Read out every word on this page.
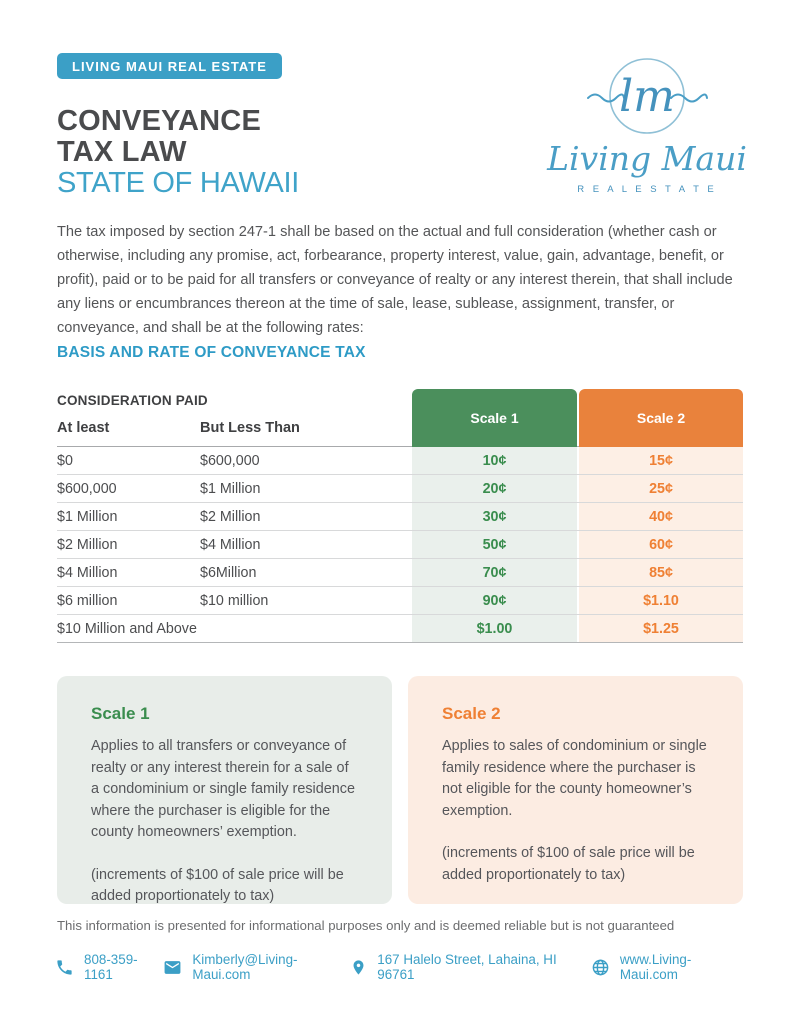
LIVING MAUI REAL ESTATE
CONVEYANCE
TAX LAW
STATE OF HAWAII
lm
Living Maui
R E A L E S T A T E

The tax imposed by section 247-1 shall be based on the actual and full consideration (whether cash or otherwise, including any promise, act, forbearance, property interest, value, gain, advantage, benefit, or profit), paid or to be paid for all transfers or conveyance of realty or any interest therein, that shall include any liens or encumbrances thereon at the time of sale, lease, sublease, assignment, transfer, or conveyance, and shall be at the following rates:

BASIS AND RATE OF CONVEYANCE TAX
CONSIDERATION PAID
At least	But Less Than
Scale 1	Scale 2
$0	$600,000	10¢	15¢
$600,000	$1 Million	20¢	25¢
$1 Million	$2 Million	30¢	40¢
$2 Million	$4 Million	50¢	60¢
$4 Million	$6Million	70¢	85¢
$6 million	$10 million	90¢	$1.10
$10 Million and Above	$1.00	$1.25
Scale 1

Applies to all transfers or conveyance of realty or any interest therein for a sale of a condominium or single family residence where the purchaser is eligible for the county homeowners’ exemption.

(increments of $100 of sale price will be added proportionately to tax)

Scale 2

Applies to sales of condominium or single family residence where the purchaser is not eligible for the county homeowner’s exemption.

(increments of $100 of sale price will be added proportionately to tax)

This information is presented for informational purposes only and is deemed reliable but is not guaranteed
808-359-1161
Kimberly@Living-Maui.com
167 Halelo Street, Lahaina, HI 96761
www.Living-Maui.com
